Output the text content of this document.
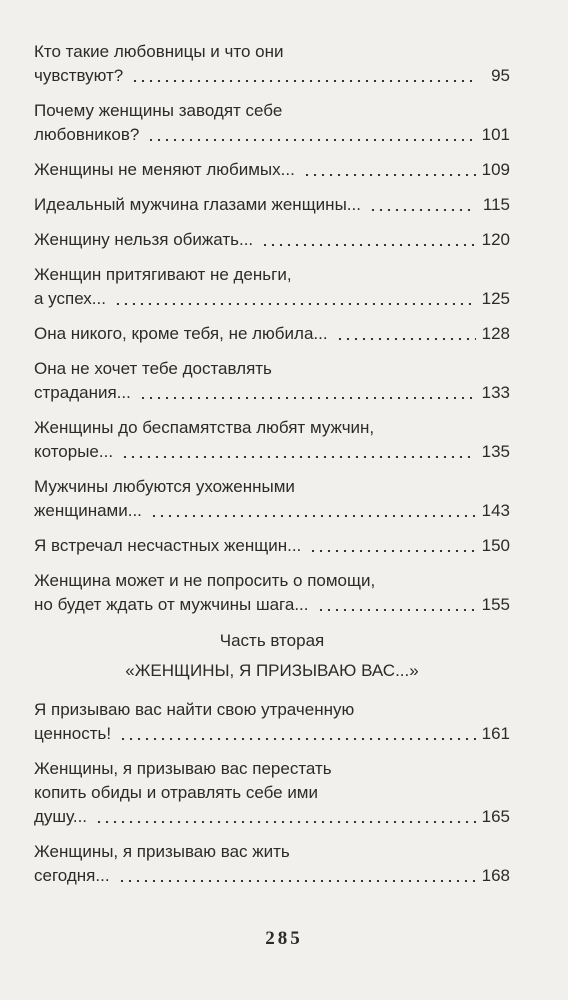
Кто такие любовницы и что они
чувствуют?	95
Почему женщины заводят себе
любовников?	101
Женщины не меняют любимых...	109
Идеальный мужчина глазами женщины...	115
Женщину нельзя обижать...	120
Женщин притягивают не деньги,
а успех...	125
Она никого, кроме тебя, не любила...	128
Она не хочет тебе доставлять
страдания...	133
Женщины до беспамятства любят мужчин,
которые...	135
Мужчины любуются ухоженными
женщинами...	143
Я встречал несчастных женщин...	150
Женщина может и не попросить о помощи,
но будет ждать от мужчины шага...	155
Часть вторая
«ЖЕНЩИНЫ, Я ПРИЗЫВАЮ ВАС...»
Я призываю вас найти свою утраченную
ценность!	161
Женщины, я призываю вас перестать
копить обиды и отравлять себе ими
душу...	165
Женщины, я призываю вас жить
сегодня...	168
285
